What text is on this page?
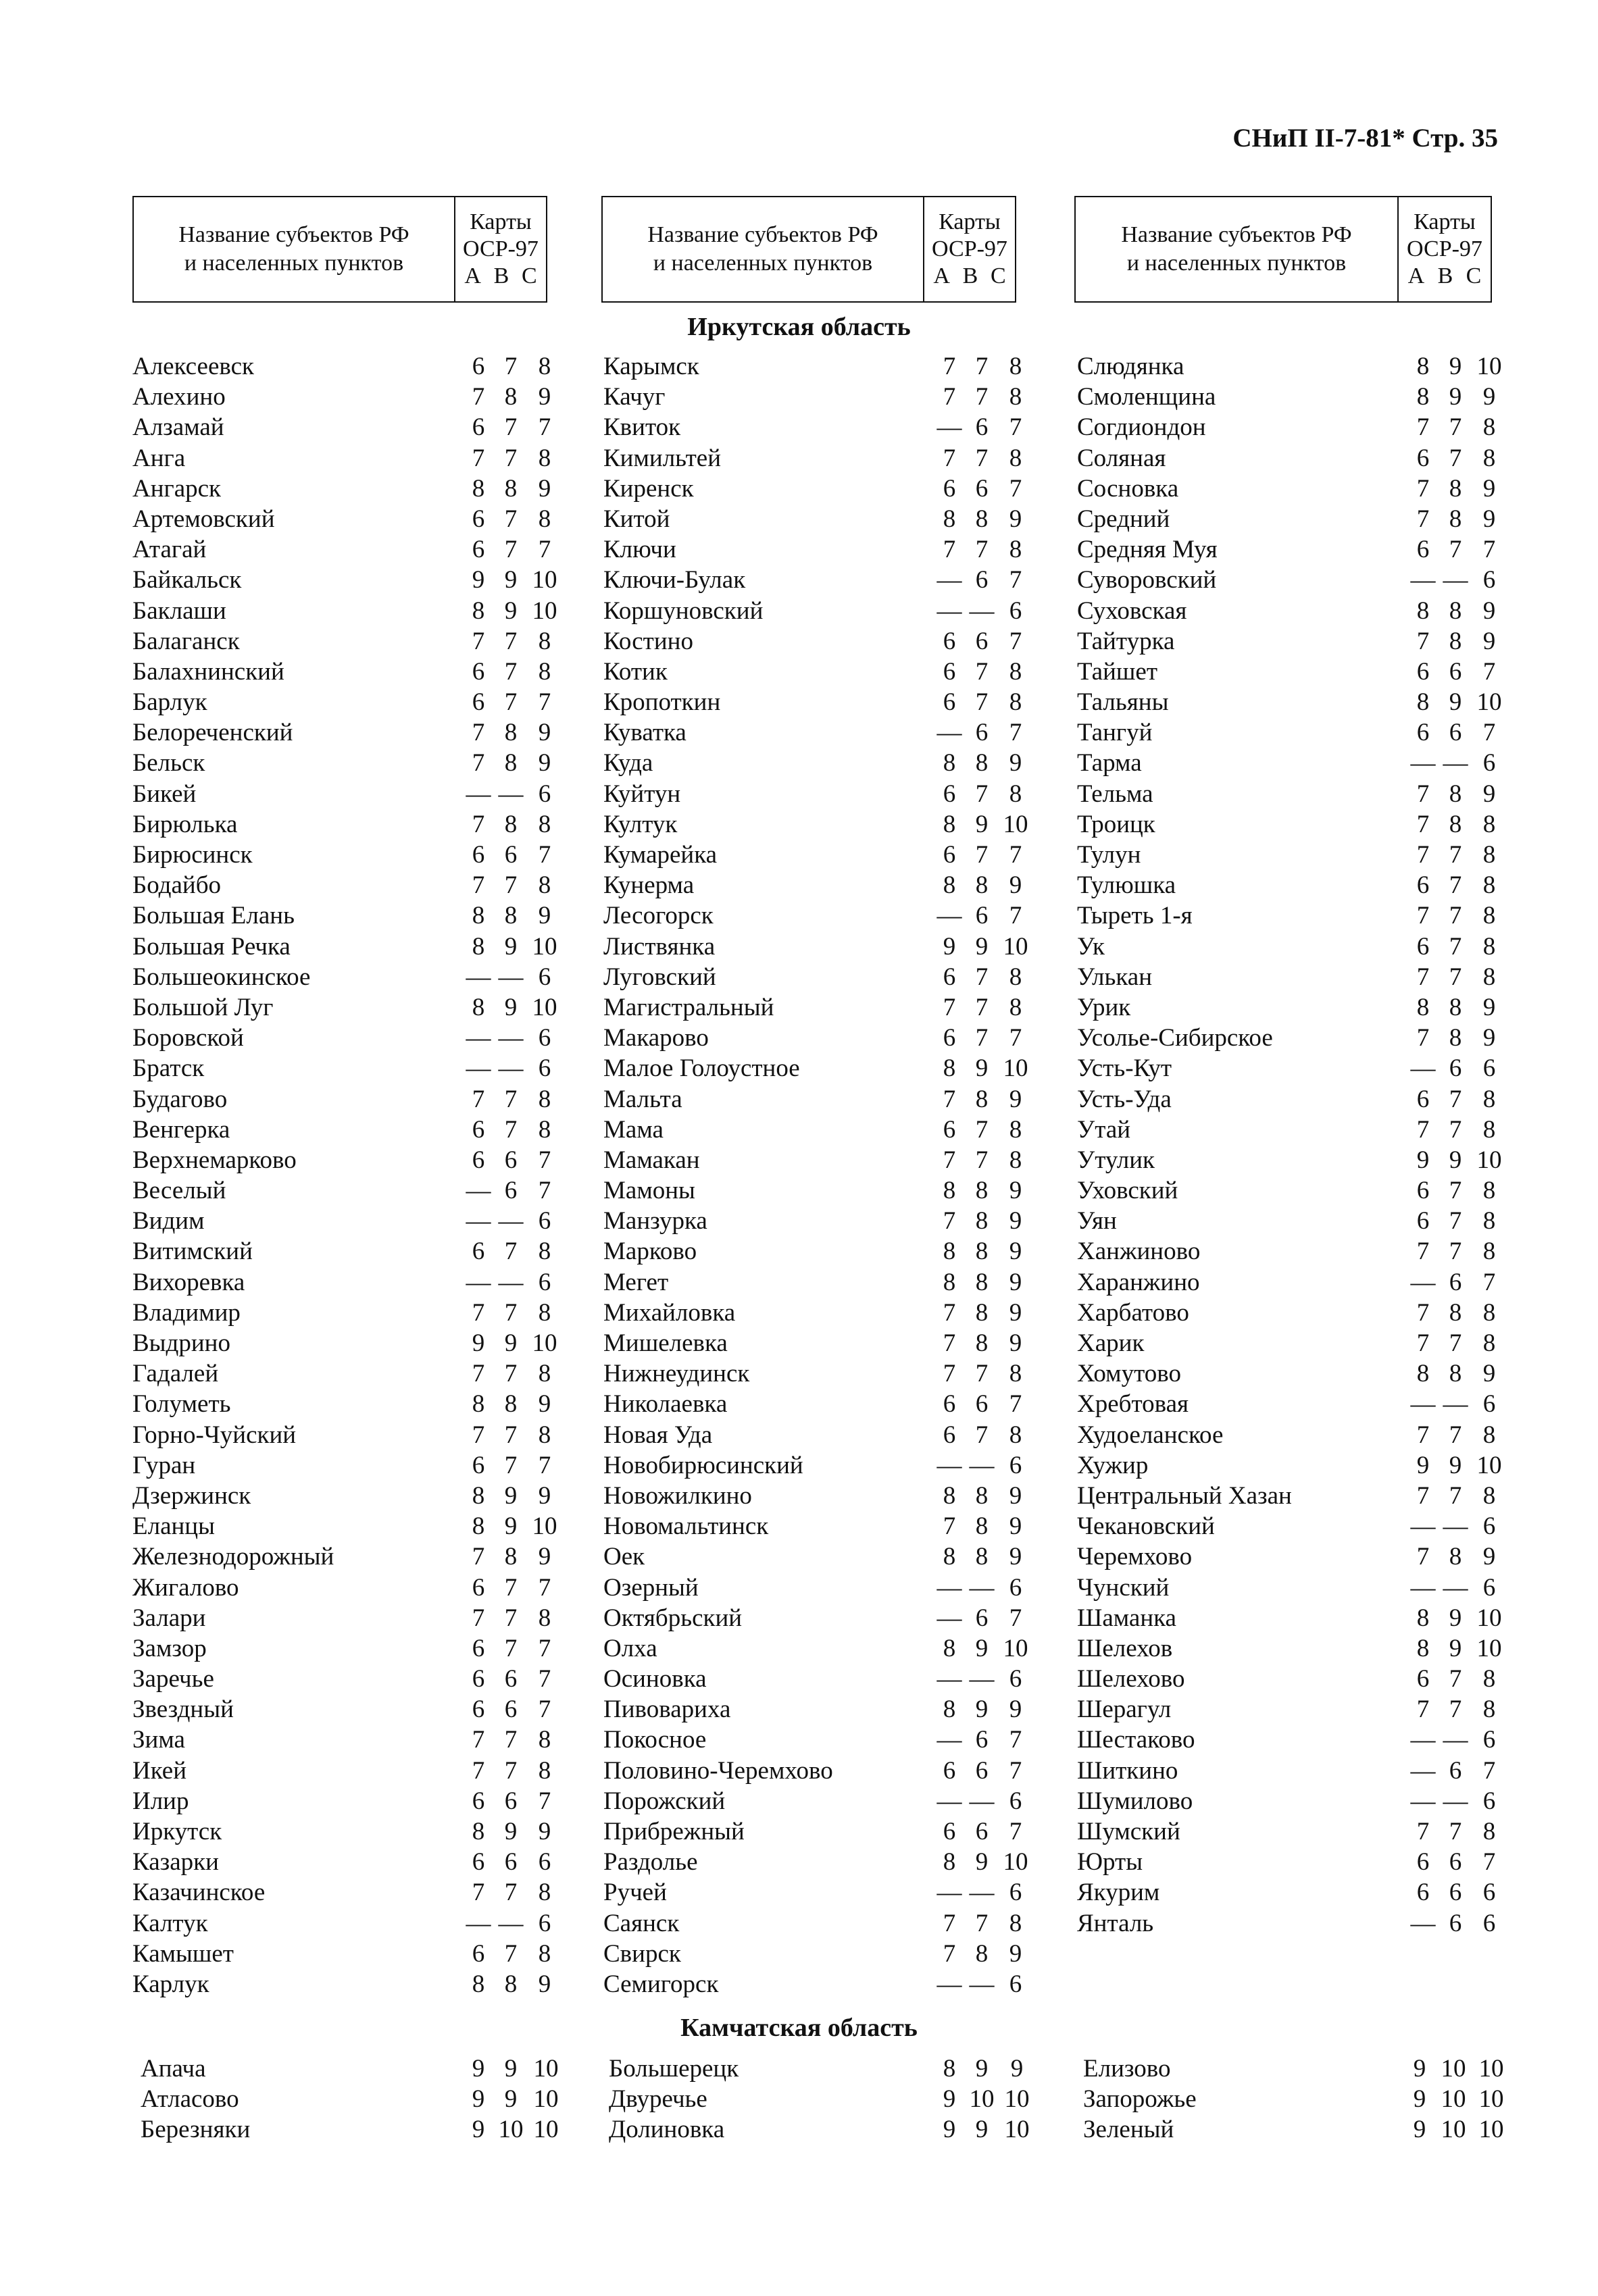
СНиП II-7-81* Стр. 35
Название субъектов РФ
и населенных пунктов
Карты
ОСР-97
A B C
Название субъектов РФ
и населенных пунктов
Карты
ОСР-97
A B C
Название субъектов РФ
и населенных пунктов
Карты
ОСР-97
A B C
Иркутская область
Алексеевск	6 7 8
Алехино	7 8 9
Алзамай	6 7 7
Анга	7 7 8
Ангарск	8 8 9
Артемовский	6 7 8
Атагай	6 7 7
Байкальск	9 9 10
Баклаши	8 9 10
Балаганск	7 7 8
Балахнинский	6 7 8
Барлук	6 7 7
Белореченский	7 8 9
Бельск	7 8 9
Бикей	— — 6
Бирюлька	7 8 8
Бирюсинск	6 6 7
Бодайбо	7 7 8
Большая Елань	8 8 9
Большая Речка	8 9 10
Большеокинское	— — 6
Большой Луг	8 9 10
Боровской	— — 6
Братск	— — 6
Будагово	7 7 8
Венгерка	6 7 8
Верхнемарково	6 6 7
Веселый	— 6 7
Видим	— — 6
Витимский	6 7 8
Вихоревка	— — 6
Владимир	7 7 8
Выдрино	9 9 10
Гадалей	7 7 8
Голуметь	8 8 9
Горно-Чуйский	7 7 8
Гуран	6 7 7
Дзержинск	8 9 9
Еланцы	8 9 10
Железнодорожный	7 8 9
Жигалово	6 7 7
Залари	7 7 8
Замзор	6 7 7
Заречье	6 6 7
Звездный	6 6 7
Зима	7 7 8
Икей	7 7 8
Илир	6 6 7
Иркутск	8 9 9
Казарки	6 6 6
Казачинское	7 7 8
Калтук	— — 6
Камышет	6 7 8
Карлук	8 8 9
Карымск	7 7 8
Качуг	7 7 8
Квиток	— 6 7
Кимильтей	7 7 8
Киренск	6 6 7
Китой	8 8 9
Ключи	7 7 8
Ключи-Булак	— 6 7
Коршуновский	— — 6
Костино	6 6 7
Котик	6 7 8
Кропоткин	6 7 8
Куватка	— 6 7
Куда	8 8 9
Куйтун	6 7 8
Култук	8 9 10
Кумарейка	6 7 7
Кунерма	8 8 9
Лесогорск	— 6 7
Листвянка	9 9 10
Луговский	6 7 8
Магистральный	7 7 8
Макарово	6 7 7
Малое Голоустное	8 9 10
Мальта	7 8 9
Мама	6 7 8
Мамакан	7 7 8
Мамоны	8 8 9
Манзурка	7 8 9
Марково	8 8 9
Мегет	8 8 9
Михайловка	7 8 9
Мишелевка	7 8 9
Нижнеудинск	7 7 8
Николаевка	6 6 7
Новая Уда	6 7 8
Новобирюсинский	— — 6
Новожилкино	8 8 9
Новомальтинск	7 8 9
Оек	8 8 9
Озерный	— — 6
Октябрьский	— 6 7
Олха	8 9 10
Осиновка	— — 6
Пивовариха	8 9 9
Покосное	— 6 7
Половино-Черемхово	6 6 7
Порожский	— — 6
Прибрежный	6 6 7
Раздолье	8 9 10
Ручей	— — 6
Саянск	7 7 8
Свирск	7 8 9
Семигорск	— — 6
Слюдянка	8 9 10
Смоленщина	8 9 9
Согдиондон	7 7 8
Соляная	6 7 8
Сосновка	7 8 9
Средний	7 8 9
Средняя Муя	6 7 7
Суворовский	— — 6
Суховская	8 8 9
Тайтурка	7 8 9
Тайшет	6 6 7
Тальяны	8 9 10
Тангуй	6 6 7
Тарма	— — 6
Тельма	7 8 9
Троицк	7 8 8
Тулун	7 7 8
Тулюшка	6 7 8
Тыреть 1-я	7 7 8
Ук	6 7 8
Улькан	7 7 8
Урик	8 8 9
Усолье-Сибирское	7 8 9
Усть-Кут	— 6 6
Усть-Уда	6 7 8
Утай	7 7 8
Утулик	9 9 10
Уховский	6 7 8
Уян	6 7 8
Ханжиново	7 7 8
Харанжино	— 6 7
Харбатово	7 8 8
Харик	7 7 8
Хомутово	8 8 9
Хребтовая	— — 6
Худоеланское	7 7 8
Хужир	9 9 10
Центральный Хазан	7 7 8
Чекановский	— — 6
Черемхово	7 8 9
Чунский	— — 6
Шаманка	8 9 10
Шелехов	8 9 10
Шелехово	6 7 8
Шерагул	7 7 8
Шестаково	— — 6
Шиткино	— 6 7
Шумилово	— — 6
Шумский	7 7 8
Юрты	6 6 7
Якурим	6 6 6
Янталь	— 6 6
Камчатская область
Апача	9 9 10
Атласово	9 9 10
Березняки	9 10 10
Большерецк	8 9 9
Двуречье	9 10 10
Долиновка	9 9 10
Елизово	9 10 10
Запорожье	9 10 10
Зеленый	9 10 10
